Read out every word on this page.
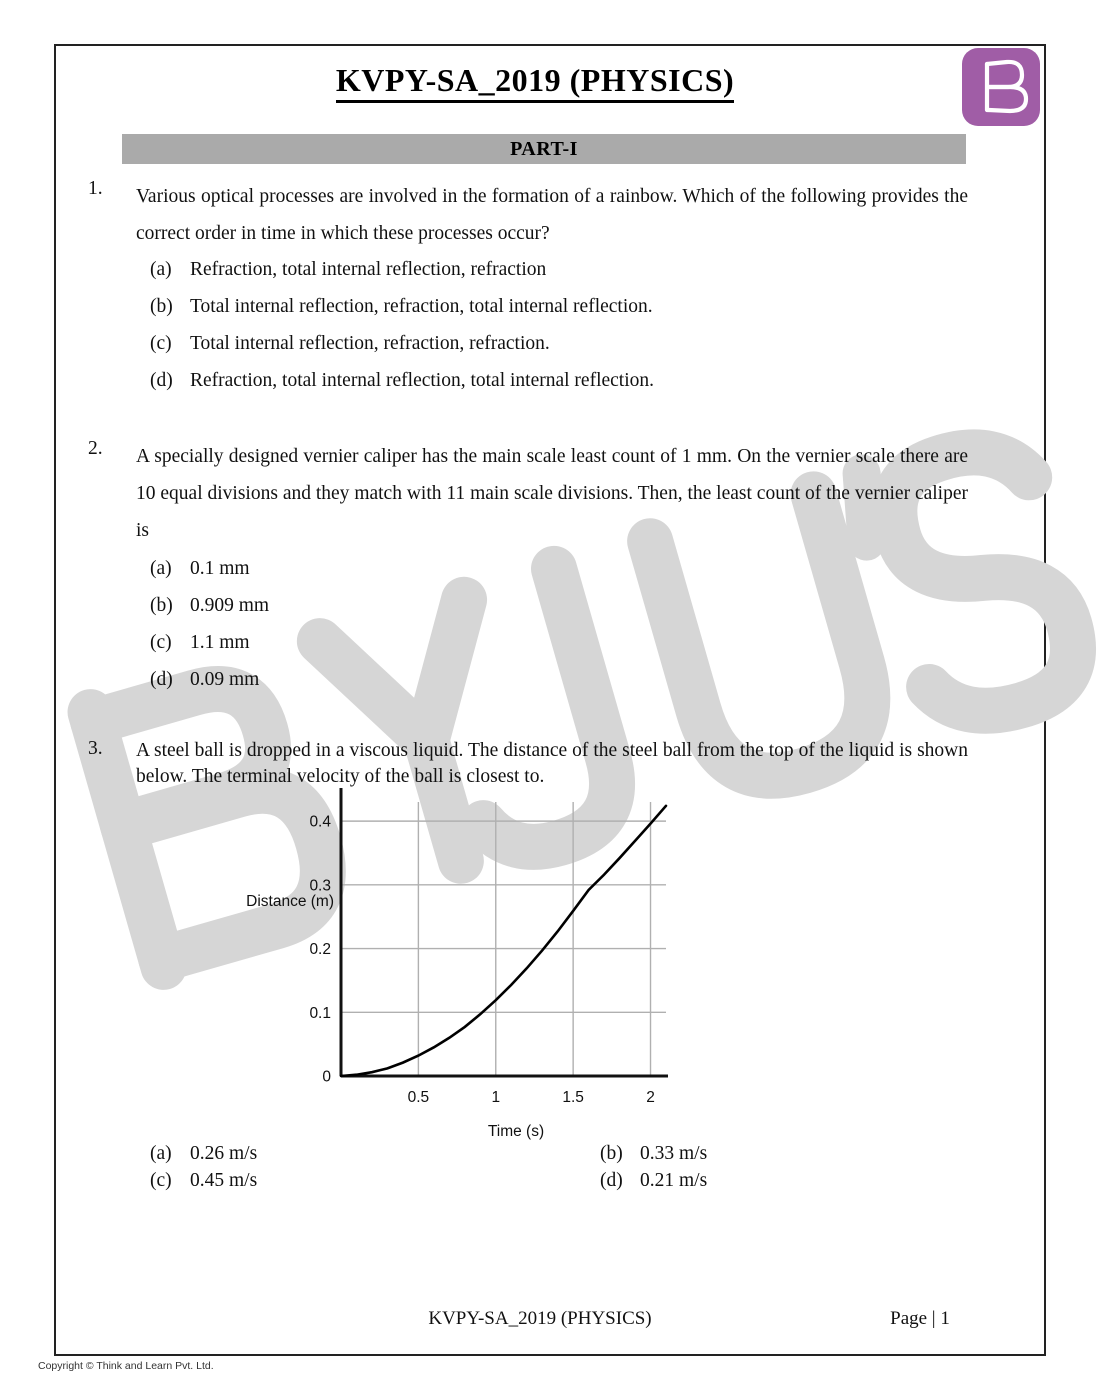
KVPY-SA_2019 (PHYSICS)
PART-I
1.	Various optical processes are involved in the formation of a rainbow. Which of the following provides the correct order in time in which these processes occur?
(a) Refraction, total internal reflection, refraction
(b) Total internal reflection, refraction, total internal reflection.
(c) Total internal reflection, refraction, refraction.
(d) Refraction, total internal reflection, total internal reflection.
2.	A specially designed vernier caliper has the main scale least count of 1 mm. On the vernier scale there are 10 equal divisions and they match with 11 main scale divisions. Then, the least count of the vernier caliper is
(a) 0.1 mm
(b) 0.909 mm
(c) 1.1 mm
(d) 0.09 mm
3.	A steel ball is dropped in a viscous liquid. The distance of the steel ball from the top of the liquid is shown below. The terminal velocity of the ball is closest to.
0
0.1
0.2
0.3
0.4
0.5	1	1.5	2
Distance (m)
Time (s)
(a) 0.26 m/s	(b) 0.33 m/s
(c) 0.45 m/s	(d) 0.21 m/s
KVPY-SA_2019 (PHYSICS)	Page | 1
Copyright © Think and Learn Pvt. Ltd.
